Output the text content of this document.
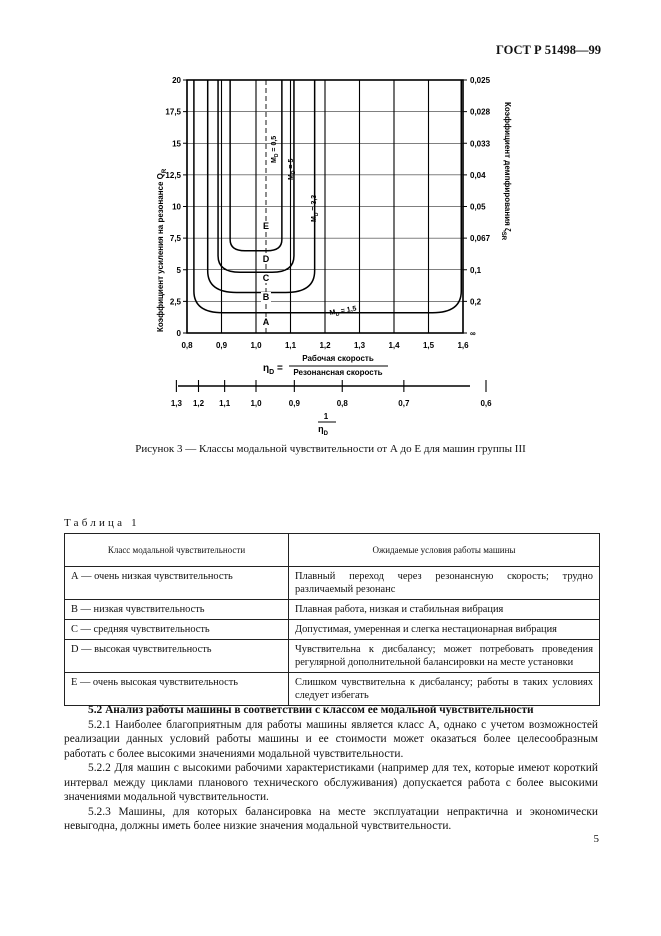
ГОСТ Р 51498—99
0
2,5
5
7,5
10
12,5
15
17,5
20
∞
0,2
0,1
0,067
0,05
0,04
0,033
0,028
0,025
0,8	0,9	1,0	1,1	1,2	1,3	1,4	1,5	1,6
A
B
C
D
E
$M_D = 0,5$
$M_D = 5$
$M_D = 3,3$
$M_D = 1,5$
Коэффициент усиления на резонансе $Q_R$	Коэффициент демпфирования $\zeta_{SR}$
$\eta_D$ =
Рабочая скорость
Резонансная скорость
1,3 1,2 1,1	1,0	0,9	0,8	0,7	0,6
1
$\eta_D$
Рисунок 3 — Классы модальной чувствительности от А до Е для машин группы III
Таблица 1
Класс модальной чувствительности	Ожидаемые условия работы машины
А — очень низкая чувствительность	Плавный переход через резонансную скорость; трудно различаемый резонанс
В — низкая чувствительность	Плавная работа, низкая и стабильная вибрация
С — средняя чувствительность	Допустимая, умеренная и слегка нестационарная вибрация
D — высокая чувствительность	Чувствительна к дисбалансу; может потребовать проведения регулярной дополнительной балансировки на месте установки
Е — очень высокая чувствительность	Слишком чувствительна к дисбалансу; работы в таких условиях следует избегать

5.2 Анализ работы машины в соответствии с классом ее модальной чувствительности

5.2.1 Наиболее благоприятным для работы машины является класс А, однако с учетом возможностей реализации данных условий работы машины и ее стоимости может оказаться более целесообразным работать с более высокими значениями модальной чувствительности.

5.2.2 Для машин с высокими рабочими характеристиками (например для тех, которые имеют короткий интервал между циклами планового технического обслуживания) допускается работа с более высокими значениями модальной чувствительности.

5.2.3 Машины, для которых балансировка на месте эксплуатации непрактична и экономически невыгодна, должны иметь более низкие значения модальной чувствительности.

5
